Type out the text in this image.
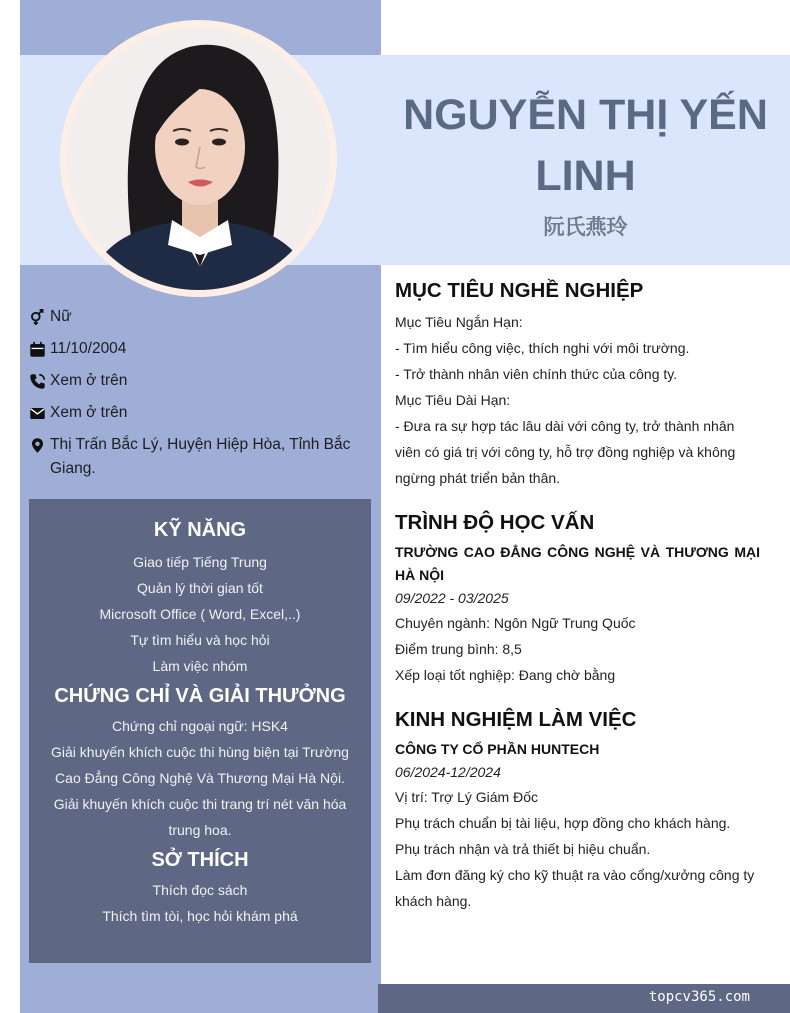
NGUYỄN THỊ YẾN LINH
阮氏燕玲
Nữ
11/10/2004
Xem ở trên
Xem ở trên
Thị Trấn Bắc Lý, Huyện Hiệp Hòa, Tỉnh Bắc Giang.
KỸ NĂNG
Giao tiếp Tiếng Trung
Quản lý thời gian tốt
Microsoft Office ( Word, Excel,..)
Tự tìm hiểu và học hỏi
Làm việc nhóm
CHỨNG CHỈ VÀ GIẢI THƯỞNG
Chứng chỉ ngoại ngữ: HSK4
Giải khuyến khích cuộc thi hùng biện tại Trường Cao Đẳng Công Nghệ Và Thương Mại Hà Nội.
Giải khuyến khích cuộc thi trang trí nét văn hóa trung hoa.
SỞ THÍCH
Thích đọc sách
Thích tìm tòi, học hỏi khám phá
MỤC TIÊU NGHỀ NGHIỆP
Mục Tiêu Ngắn Hạn:
- Tìm hiểu công việc, thích nghi với môi trường.
- Trở thành nhân viên chính thức của công ty.
Mục Tiêu Dài Hạn:
- Đưa ra sự hợp tác lâu dài với công ty, trở thành nhân viên có giá trị với công ty, hỗ trợ đồng nghiệp và không ngừng phát triển bản thân.
TRÌNH ĐỘ HỌC VẤN
TRƯỜNG CAO ĐẲNG CÔNG NGHỆ VÀ THƯƠNG MẠI HÀ NỘI
09/2022 - 03/2025
Chuyên ngành: Ngôn Ngữ Trung Quốc
Điểm trung bình: 8,5
Xếp loại tốt nghiệp: Đang chờ bằng
KINH NGHIỆM LÀM VIỆC
CÔNG TY CỔ PHẦN HUNTECH
06/2024-12/2024
Vị trí: Trợ Lý Giám Đốc
Phụ trách chuẩn bị tài liệu, hợp đồng cho khách hàng.
Phụ trách nhận và trả thiết bị hiệu chuẩn.
Làm đơn đăng ký cho kỹ thuật ra vào cổng/xưởng công ty khách hàng.
topcv365.com
